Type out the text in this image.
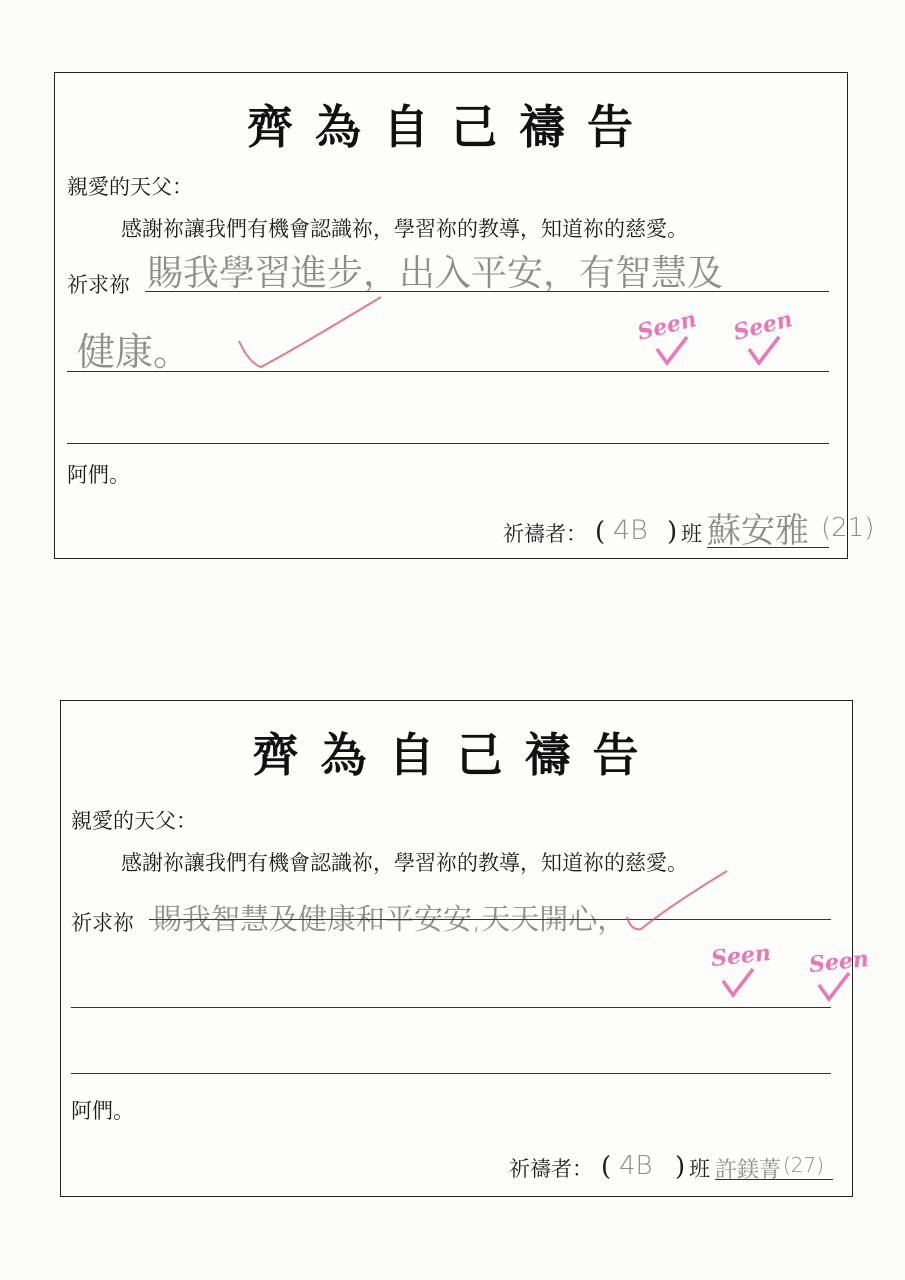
齊為自己禱告
親愛的天父：
感謝祢讓我們有機會認識祢，學習祢的教導，知道祢的慈愛。
祈求祢 賜我學習進步，出入平安，有智慧及
健康。
阿們。
祈禱者： ( 4B ) 班 蘇安雅 (21)
Seen Seen
齊為自己禱告
親愛的天父：
感謝祢讓我們有機會認識祢，學習祢的教導，知道祢的慈愛。
祈求祢 賜我智慧及健康和平安安,天天開心，
阿們。
祈禱者： ( 4B ) 班 許鎂菁 (27)
Seen Seen
